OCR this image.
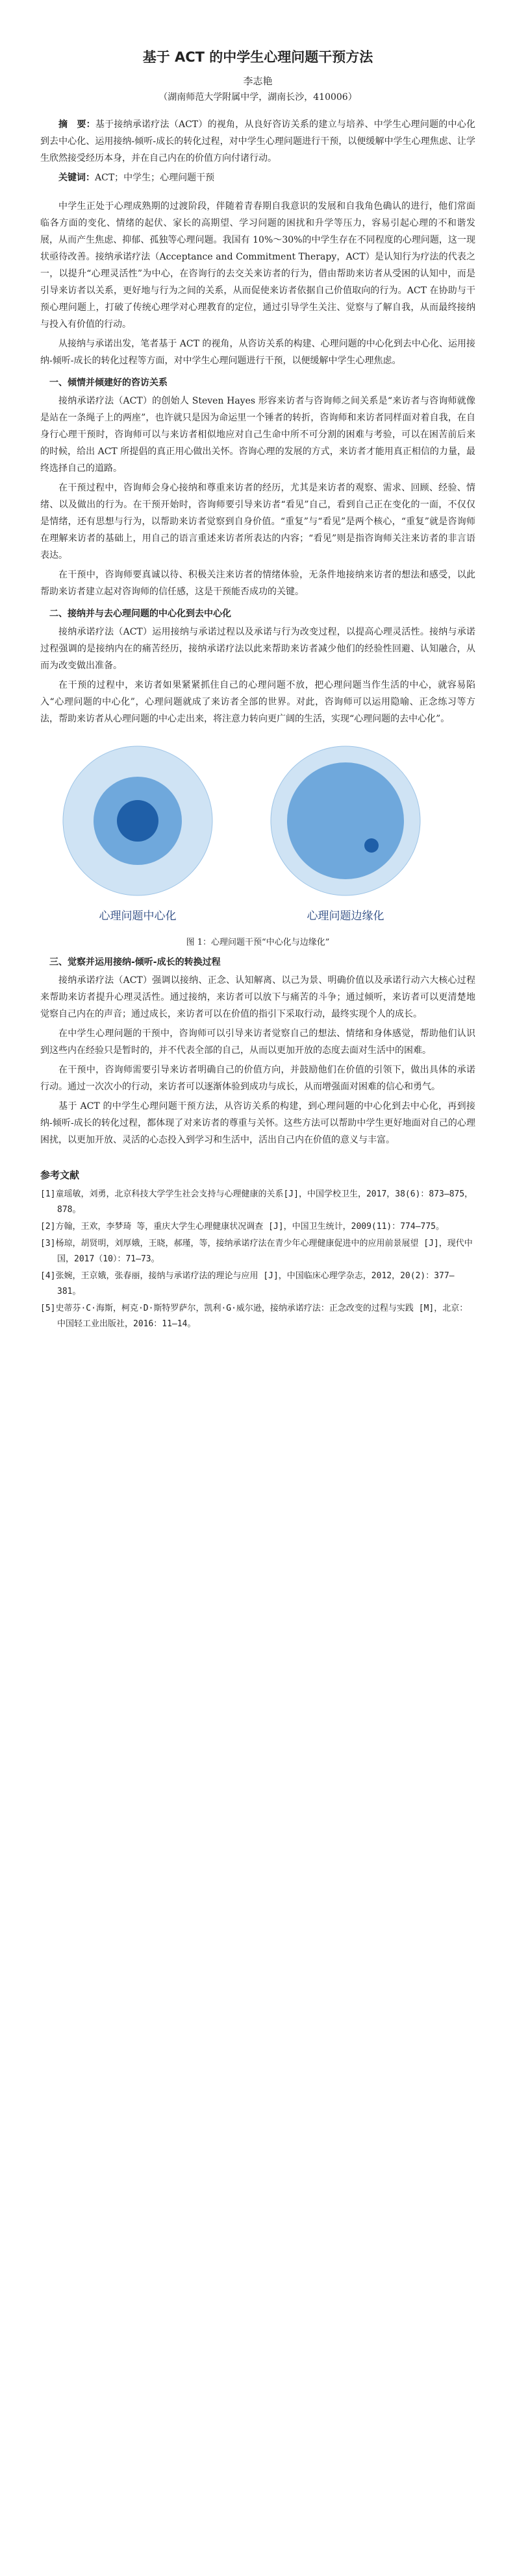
基于 ACT 的中学生心理问题干预方法
李志艳
（湖南师范大学附属中学，湖南长沙，410006）

摘　要：基于接纳承诺疗法（ACT）的视角，从良好咨访关系的建立与培养、中学生心理问题的中心化到去中心化、运用接纳-倾听-成长的转化过程，对中学生心理问题进行干预，以便缓解中学生心理焦虑、让学生欣然接受经历本身，并在自己内在的价值方向付诸行动。

关键词：ACT；中学生；心理问题干预

中学生正处于心理成熟期的过渡阶段，伴随着青春期自我意识的发展和自我角色确认的进行，他们常面临各方面的变化、情绪的起伏、家长的高期望、学习问题的困扰和升学等压力，容易引起心理的不和谐发展，从而产生焦虑、抑郁、孤独等心理问题。我国有 10%～30%的中学生存在不同程度的心理问题，这一现状亟待改善。接纳承诺疗法（Acceptance and Commitment Therapy，ACT）是认知行为疗法的代表之一，以提升“心理灵活性”为中心，在咨询行的去交关来访者的行为，借由帮助来访者从受困的认知中，而是引导来访者以关系，更好地与行为之间的关系，从而促使来访者依据自己价值取向的行为。ACT 在协助与干预心理问题上，打破了传统心理学对心理教育的定位，通过引导学生关注、觉察与了解自我，从而最终接纳与投入有价值的行动。

从接纳与承诺出发，笔者基于 ACT 的视角，从咨访关系的构建、心理问题的中心化到去中心化、运用接纳-倾听-成长的转化过程等方面，对中学生心理问题进行干预，以便缓解中学生心理焦虑。

一、倾情并倾建好的咨访关系

接纳承诺疗法（ACT）的创始人 Steven Hayes 形容来访者与咨询师之间关系是“来访者与咨询师就像是站在一条绳子上的两座”，也许就只是因为命运里一个锤者的转折，咨询师和来访者同样面对着自我，在自身行心理干预时，咨询师可以与来访者相似地应对自己生命中所不可分割的困难与考验，可以在困苦前后来的时候，给出 ACT 所提倡的真正用心做出关怀。咨询心理的发展的方式，来访者才能用真正相信的力量，最终选择自己的道路。

在干预过程中，咨询师会身心接纳和尊重来访者的经历，尤其是来访者的观察、需求、回顾、经验、情绪、以及做出的行为。在干预开始时，咨询师要引导来访者“看见”自己，看到自己正在变化的一面，不仅仅是情绪，还有思想与行为，以帮助来访者觉察到自身价值。“重复”与“看见”是两个核心，“重复”就是咨询师在理解来访者的基础上，用自己的语言重述来访者所表达的内容；“看见”则是指咨询师关注来访者的非言语表达。

在干预中，咨询师要真诚以待、积极关注来访者的情绪体验，无条件地接纳来访者的想法和感受，以此帮助来访者建立起对咨询师的信任感，这是干预能否成功的关键。

二、接纳并与去心理问题的中心化到去中心化

接纳承诺疗法（ACT）运用接纳与承诺过程以及承诺与行为改变过程，以提高心理灵活性。接纳与承诺过程强调的是接纳内在的痛苦经历，接纳承诺疗法以此来帮助来访者减少他们的经验性回避、认知融合，从而为改变做出准备。

在干预的过程中，来访者如果紧紧抓住自己的心理问题不放，把心理问题当作生活的中心，就容易陷入“心理问题的中心化”，心理问题就成了来访者全部的世界。对此，咨询师可以运用隐喻、正念练习等方法，帮助来访者从心理问题的中心走出来，将注意力转向更广阔的生活，实现“心理问题的去中心化”。

心理问题中心化	心理问题边缘化
图 1：心理问题干预“中心化与边缘化”
三、觉察并运用接纳-倾听-成长的转换过程

接纳承诺疗法（ACT）强调以接纳、正念、认知解离、以己为景、明确价值以及承诺行动六大核心过程来帮助来访者提升心理灵活性。通过接纳，来访者可以放下与痛苦的斗争；通过倾听，来访者可以更清楚地觉察自己内在的声音；通过成长，来访者可以在价值的指引下采取行动，最终实现个人的成长。

在中学生心理问题的干预中，咨询师可以引导来访者觉察自己的想法、情绪和身体感觉，帮助他们认识到这些内在经验只是暂时的，并不代表全部的自己，从而以更加开放的态度去面对生活中的困难。

在干预中，咨询师需要引导来访者明确自己的价值方向，并鼓励他们在价值的引领下，做出具体的承诺行动。通过一次次小的行动，来访者可以逐渐体验到成功与成长，从而增强面对困难的信心和勇气。

基于 ACT 的中学生心理问题干预方法，从咨访关系的构建，到心理问题的中心化到去中心化，再到接纳-倾听-成长的转化过程，都体现了对来访者的尊重与关怀。这些方法可以帮助中学生更好地面对自己的心理困扰，以更加开放、灵活的心态投入到学习和生活中，活出自己内在价值的意义与丰富。

参考文献
[1]童瑶敏，刘勇，北京科技大学学生社会支持与心理健康的关系[J]，中国学校卫生，2017，38(6)：873—875，878。
[2]方翰，王欢，李梦琦 等，重庆大学生心理健康状况调查 [J]，中国卫生统计，2009(11)：774—775。
[3]杨琼，胡贤明，刘厚娥，王晓，郝瑾，等，接纳承诺疗法在青少年心理健康促进中的应用前景展望 [J]，现代中国，2017（10）：71—73。
[4]张婉，王京娥，张春丽，接纳与承诺疗法的理论与应用 [J]，中国临床心理学杂志，2012，20(2)：377—381。
[5]史蒂芬·C·海斯，柯克·D·斯特罗萨尔，凯利·G·威尔逊，接纳承诺疗法：正念改变的过程与实践 [M]，北京：中国轻工业出版社，2016：11—14。
